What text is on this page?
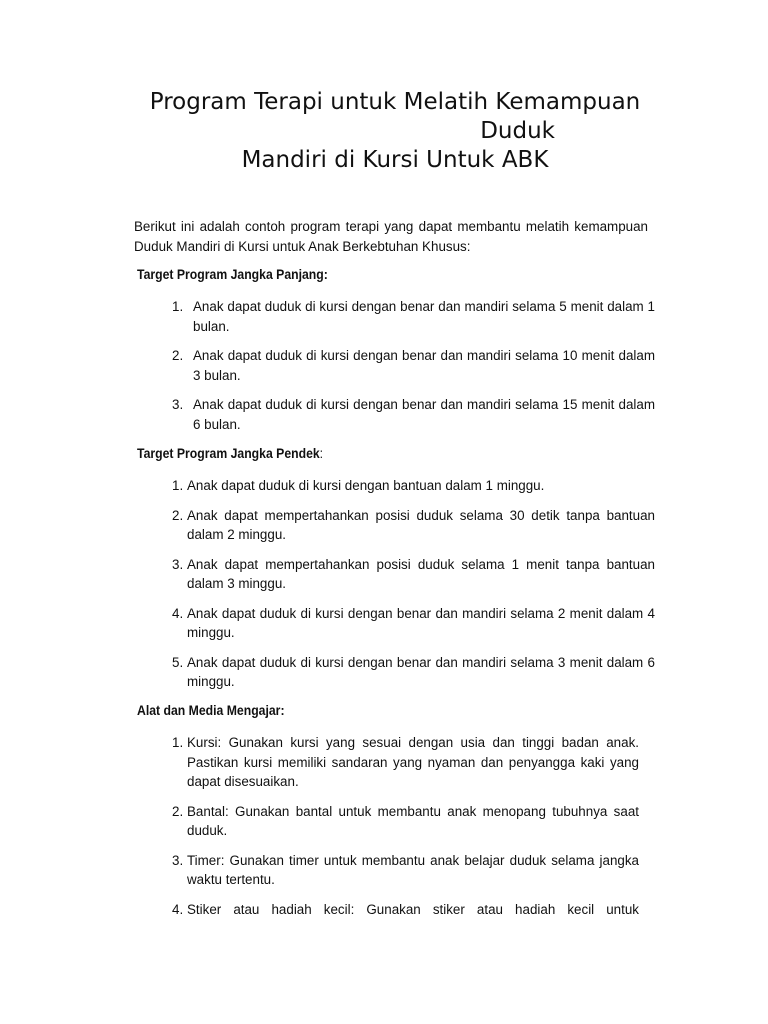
Program Terapi untuk Melatih Kemampuan
Duduk
Mandiri di Kursi Untuk ABK

Berikut ini adalah contoh program terapi yang dapat membantu melatih kemampuan Duduk Mandiri di Kursi untuk Anak Berkebtuhan Khusus:

Target Program Jangka Panjang:
1. Anak dapat duduk di kursi dengan benar dan mandiri selama 5 menit dalam 1 bulan.
2. Anak dapat duduk di kursi dengan benar dan mandiri selama 10 menit dalam 3 bulan.
3. Anak dapat duduk di kursi dengan benar dan mandiri selama 15 menit dalam 6 bulan.
Target Program Jangka Pendek:
1. Anak dapat duduk di kursi dengan bantuan dalam 1 minggu.
2. Anak dapat mempertahankan posisi duduk selama 30 detik tanpa bantuan dalam 2 minggu.
3. Anak dapat mempertahankan posisi duduk selama 1 menit tanpa bantuan dalam 3 minggu.
4. Anak dapat duduk di kursi dengan benar dan mandiri selama 2 menit dalam 4 minggu.
5. Anak dapat duduk di kursi dengan benar dan mandiri selama 3 menit dalam 6 minggu.
Alat dan Media Mengajar:
1. Kursi: Gunakan kursi yang sesuai dengan usia dan tinggi badan anak. Pastikan kursi memiliki sandaran yang nyaman dan penyangga kaki yang dapat disesuaikan.
2. Bantal: Gunakan bantal untuk membantu anak menopang tubuhnya saat duduk.
3. Timer: Gunakan timer untuk membantu anak belajar duduk selama jangka waktu tertentu.
4. Stiker atau hadiah kecil: Gunakan stiker atau hadiah kecil untuk
